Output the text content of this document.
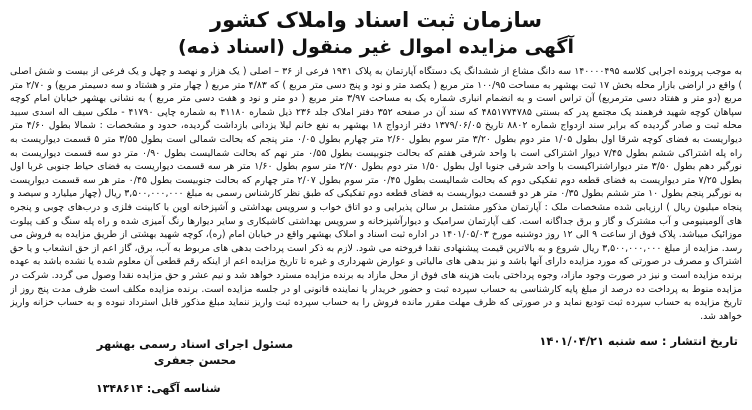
سازمان ثبت اسناد واملاک کشور
آگهی مزایده اموال غیر منقول (اسناد ذمه)

به موجب پرونده اجرایی کلاسه ۱۴۰۰۰۰۴۹۵ سه دانگ مشاع از ششدانگ یک دستگاه آپارتمان به پلاک ۱۹۴۱ فرعی از ۳۶ – اصلی ( یک هزار و نهصد و چهل و یک فرعی از بیست و شش اصلی ) واقع در اراضی بازار محله بخش ۱۷ ثبت بهشهر به مساحت ۱۰۰/۹۵ متر مربع ( یکصد متر و نود و پنج دسی متر مربع ) که ۴/۸۳ متر مربع ( چهار متر و هشتاد و سه دسیمتر مربع) و ۲/۷۰ متر مربع (دو متر و هفتاد دسی مترمربع) آن تراس است و به انضمام انباری شماره یک به مساحت ۳/۹۷ متر مربع ( دو متر و نود و هفت دسی متر مربع ) به نشانی بهشهر خیابان امام کوچه سپاهان کوچه شهید فرهمند یک مجتمع پدر که بسنتی ۴۸۵۱۷۷۴۷۸۵ که سند آن در صفحه ۳۵۲ دفتر املاک جلد ۲۳۶ ذیل شماره ۴۱۱۸۰ به شماره چاپی ۴۱۷۹۰ - ملکی سیف اله اسدی سبید محله ثبت و صادر گردیده که برابر سند ازدواج شماره ۸۸۰۲ تاریخ ۱۳۷۹/۰۶/۰۵ دفتر ازدواج ۱۸ بهشهر به نفع خانم لیلا یزدانی بازداشت گردیده، حدود و مشخصات : شمالا بطول ۴/۶۰ متر دیواریست به فضای کوچه شرقا اول بطول ۱/۰۵ متر دوم بطول ۳/۲۰ متر سوم بطول ۲/۶۰ متر چهارم بطول ۰/۰۵ متر پنجم که بحالت شمالی است بطول ۳/۵۵ متر ۵ قسمت دیواریست به راه پله اشتراکی ششم بطول ۷/۴۵ دیوار اشتراکی است با واحد شرقی هفتم که بحالت جنوبیست بطول ۰/۵۵ متر نهم که بحالت شمالیست بطول ۰/۹۰ متر دو سه قسمت دیواریست به نورگیر دهم بطول ۳/۵۰ متر دیواراشتراکیست با واحد شرقی جنوبا اول بطول ۱/۵۰ متر دوم بطول ۲/۷۰ متر سوم بطول ۱/۶۰ متر هر سه قسمت دیواریست به فضای حیاط جنوبی غربا اول بطول ۷/۲۵ متر دیواریست به فضای قطعه دوم تفکیکی دوم که بحالت شمالیست بطول ۰/۴۵ متر سوم بطول ۲/۰۷ متر چهارم که بحالت جنوبیست بطول ۰/۴۵ متر هر سه قسمت دیواریست به نورگیر پنجم بطول ۱۰ متر ششم بطول ۰/۳۵ متر هر دو قسمت دیواریست به فضای قطعه دوم تفکیکی که طبق نظر کارشناس رسمی به مبلغ ۳,۵۰۰,۰۰۰,۰۰۰ ریال (چهار میلیارد و سیصد و پنجاه میلیون ریال ) ارزیابی شده مشخصات ملک : آپارتمان مذکور مشتمل بر سالن پذیرایی و دو اتاق خواب و سرویس بهداشتی و آشپزخانه اوپن با کابینت فلزی و درب‌های چوبی و پنجره های آلومینیومی و آب مشترک و گاز و برق جداگانه است. کف آپارتمان سرامیک و دیوارآشپزخانه و سرویس بهداشتی کاشیکاری و سایر دیوارها رنگ آمیزی شده و راه پله سنگ و کف پیلوت موزائیک میباشد. پلاک فوق از ساعت ۹ الی ۱۲ روز دوشنبه مورخ ۱۴۰۱/۰۵/۰۳ در اداره ثبت اسناد و املاک بهشهر واقع در خیابان امام (ره)، کوچه شهید بهشتی از طریق مزایده به فروش می رسد. مزایده از مبلغ ۳,۵۰۰,۰۰۰,۰۰۰ ریال شروع و به بالاترین قیمت پیشنهادی نقدا فروخته می شود. لازم به ذکر است پرداخت بدهی های مربوط به آب، برق، گاز اعم از حق انشعاب و یا حق اشتراک و مصرف در صورتی که مورد مزایده دارای آنها باشد و نیز بدهی های مالیاتی و عوارض شهرداری و غیره تا تاریخ مزایده اعم از اینکه رقم قطعی آن معلوم شده یا نشده باشد به عهده برنده مزایده است و نیز در صورت وجود مازاد، وجوه پرداختی بابت هزینه های فوق از محل مازاد به برنده مزایده مسترد خواهد شد و نیم عشر و حق مزایده نقدا وصول می گردد. شرکت در مزایده منوط به پرداخت ده درصد از مبلغ پایه کارشناسی به حساب سپرده ثبت و حضور خریدار یا نماینده قانونی او در جلسه مزایده است. برنده مزایده مکلف است ظرف مدت پنج روز از تاریخ مزایده به حساب سپرده ثبت تودیع نماید و در صورتی که ظرف مهلت مقرر مانده فروش را به حساب سپرده ثبت واریز ننماید مبلغ مذکور قابل استرداد نبوده و به حساب خزانه واریز خواهد شد.

تاریخ انتشار : سه شنبه ۱۴۰۱/۰۴/۲۱
مسئول اجرای اسناد رسمی بهشهر
محسن جعفری
شناسه آگهی: ۱۳۴۸۶۱۴
